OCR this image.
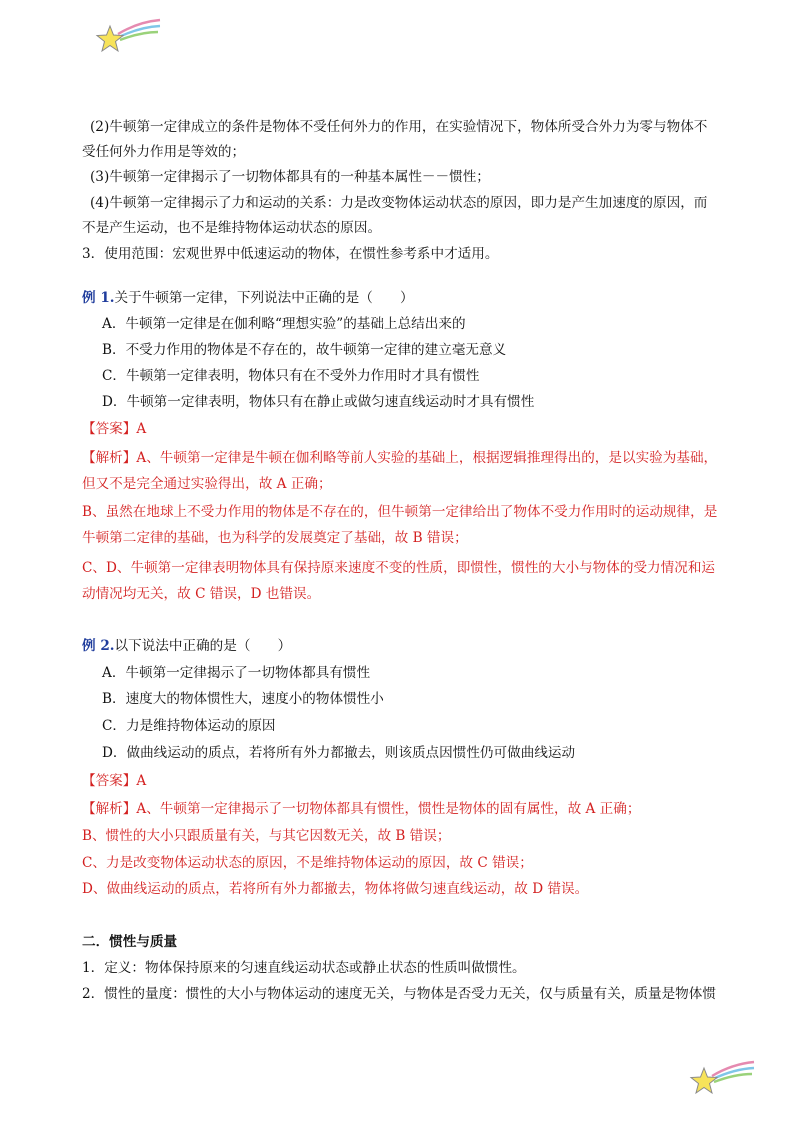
(2)牛顿第一定律成立的条件是物体不受任何外力的作用，在实验情况下，物体所受合外力为零与物体不
受任何外力作用是等效的；
(3)牛顿第一定律揭示了一切物体都具有的一种基本属性－－惯性；
(4)牛顿第一定律揭示了力和运动的关系：力是改变物体运动状态的原因，即力是产生加速度的原因，而
不是产生运动，也不是维持物体运动状态的原因。
3．使用范围：宏观世界中低速运动的物体，在惯性参考系中才适用。
例 1.关于牛顿第一定律，下列说法中正确的是（　　）
A．牛顿第一定律是在伽利略“理想实验”的基础上总结出来的
B．不受力作用的物体是不存在的，故牛顿第一定律的建立毫无意义
C．牛顿第一定律表明，物体只有在不受外力作用时才具有惯性
D．牛顿第一定律表明，物体只有在静止或做匀速直线运动时才具有惯性
【答案】A
【解析】A、牛顿第一定律是牛顿在伽利略等前人实验的基础上，根据逻辑推理得出的，是以实验为基础，
但又不是完全通过实验得出，故 A 正确；
B、虽然在地球上不受力作用的物体是不存在的，但牛顿第一定律给出了物体不受力作用时的运动规律，是
牛顿第二定律的基础，也为科学的发展奠定了基础，故 B 错误；
C、D、牛顿第一定律表明物体具有保持原来速度不变的性质，即惯性，惯性的大小与物体的受力情况和运
动情况均无关，故 C 错误，D 也错误。
例 2.以下说法中正确的是（　　）
A．牛顿第一定律揭示了一切物体都具有惯性
B．速度大的物体惯性大，速度小的物体惯性小
C．力是维持物体运动的原因
D．做曲线运动的质点，若将所有外力都撤去，则该质点因惯性仍可做曲线运动
【答案】A
【解析】A、牛顿第一定律揭示了一切物体都具有惯性，惯性是物体的固有属性，故 A 正确；
B、惯性的大小只跟质量有关，与其它因数无关，故 B 错误；
C、力是改变物体运动状态的原因，不是维持物体运动的原因，故 C 错误；
D、做曲线运动的质点，若将所有外力都撤去，物体将做匀速直线运动，故 D 错误。
二．惯性与质量
1．定义：物体保持原来的匀速直线运动状态或静止状态的性质叫做惯性。
2．惯性的量度：惯性的大小与物体运动的速度无关，与物体是否受力无关，仅与质量有关，质量是物体惯
